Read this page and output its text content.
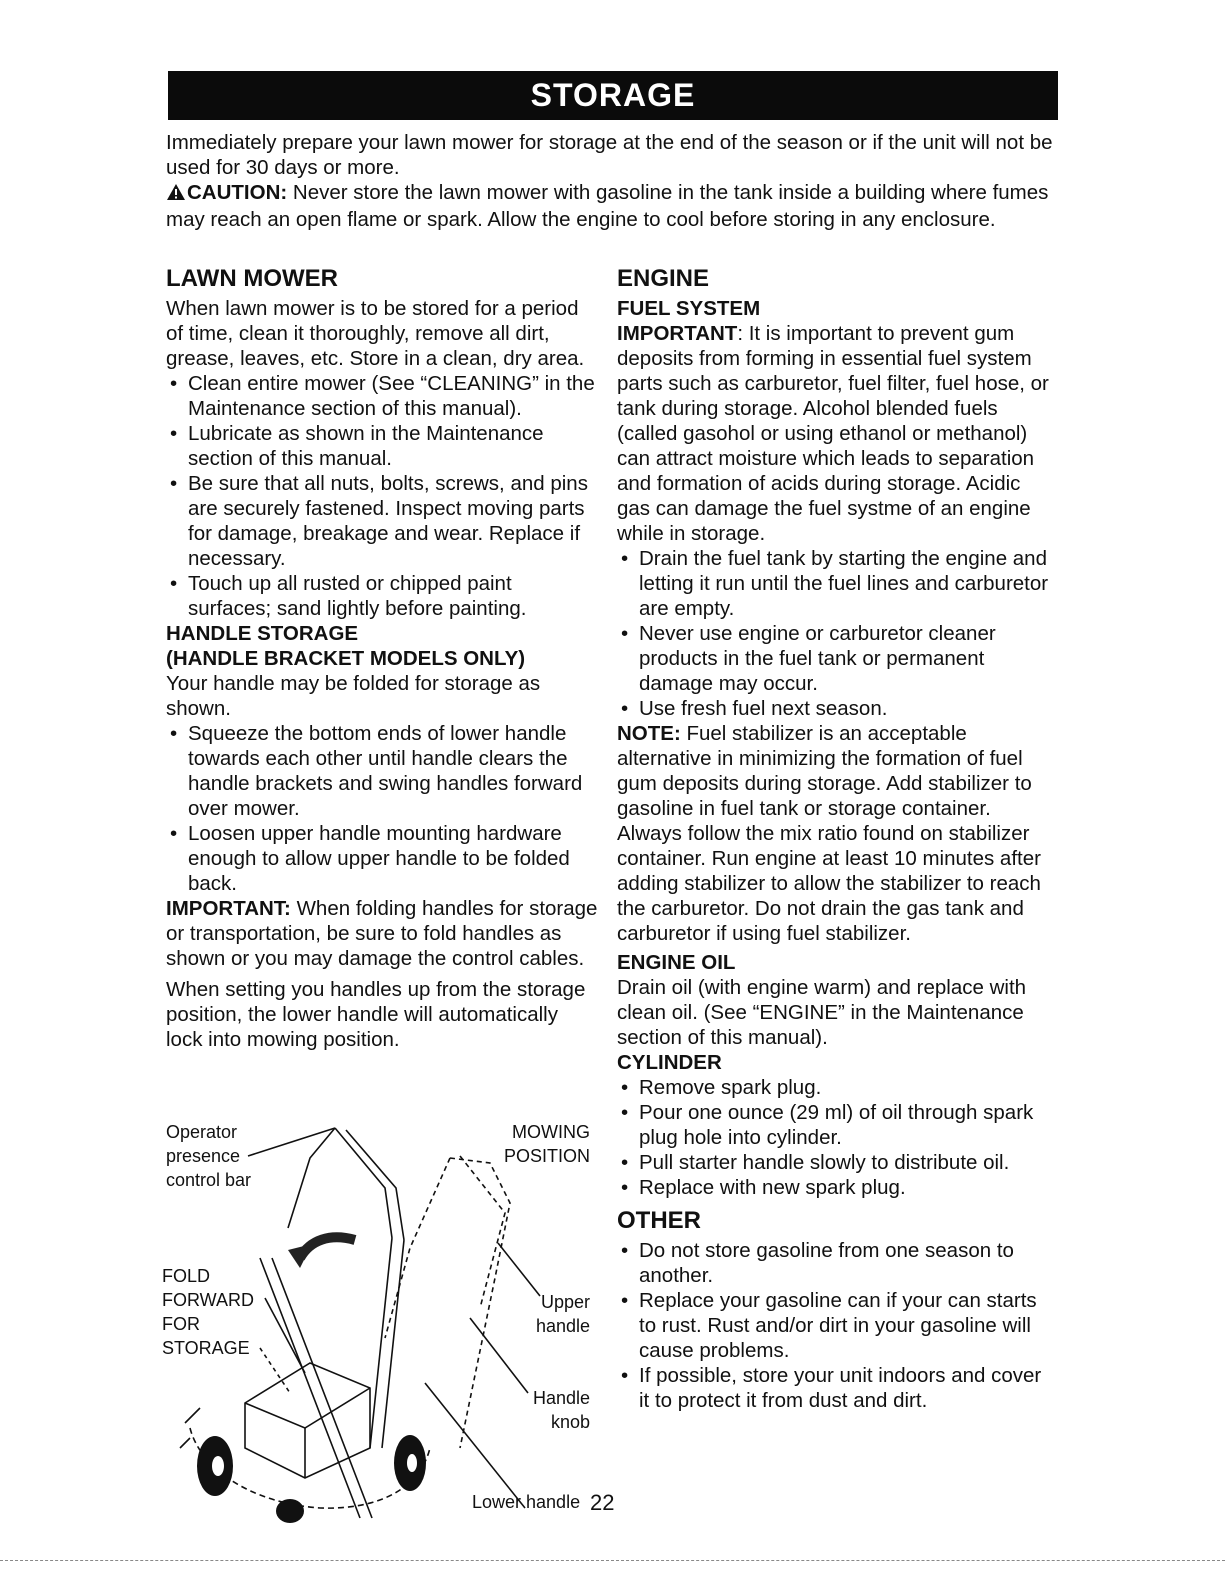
STORAGE

Immediately prepare your lawn mower for storage at the end of the season or if the unit will not be used for 30 days or more.

CAUTION: Never store the lawn mower with gasoline in the tank inside a building where fumes may reach an open flame or spark. Allow the engine to cool before storing in any enclosure.

LAWN MOWER

When lawn mower is to be stored for a period of time, clean it thoroughly, remove all dirt, grease, leaves, etc. Store in a clean, dry area.

• Clean entire mower (See “CLEANING” in the Maintenance section of this manual).
• Lubricate as shown in the Maintenance section of this manual.
• Be sure that all nuts, bolts, screws, and pins are securely fastened. Inspect moving parts for damage, breakage and wear. Replace if necessary.
• Touch up all rusted or chipped paint surfaces; sand lightly before painting.
HANDLE STORAGE
(HANDLE BRACKET MODELS ONLY)

Your handle may be folded for storage as shown.

• Squeeze the bottom ends of lower handle towards each other until handle clears the handle brackets and swing handles forward over mower.
• Loosen upper handle mounting hardware enough to allow upper handle to be folded back.

IMPORTANT: When folding handles for storage or transportation, be sure to fold handles as shown or you may damage the control cables.

When setting you handles up from the storage position, the lower handle will automatically lock into mowing position.

Operator presence control bar
MOWING POSITION
FOLD FORWARD FOR STORAGE
Upper handle
Handle knob
Lower handle 22
ENGINE
FUEL SYSTEM

IMPORTANT: It is important to prevent gum deposits from forming in essential fuel system parts such as carburetor, fuel filter, fuel hose, or tank during storage. Alcohol blended fuels (called gasohol or using ethanol or methanol) can attract moisture which leads to separation and formation of acids during storage. Acidic gas can damage the fuel systme of an engine while in storage.

• Drain the fuel tank by starting the engine and letting it run until the fuel lines and carburetor are empty.
• Never use engine or carburetor cleaner products in the fuel tank or permanent damage may occur.
• Use fresh fuel next season.

NOTE: Fuel stabilizer is an acceptable alternative in minimizing the formation of fuel gum deposits during storage. Add stabilizer to gasoline in fuel tank or storage container. Always follow the mix ratio found on stabilizer container. Run engine at least 10 minutes after adding stabilizer to allow the stabilizer to reach the carburetor. Do not drain the gas tank and carburetor if using fuel stabilizer.

ENGINE OIL

Drain oil (with engine warm) and replace with clean oil. (See “ENGINE” in the Maintenance section of this manual).

CYLINDER
• Remove spark plug.
• Pour one ounce (29 ml) of oil through spark plug hole into cylinder.
• Pull starter handle slowly to distribute oil.
• Replace with new spark plug.
OTHER
• Do not store gasoline from one season to another.
• Replace your gasoline can if your can starts to rust. Rust and/or dirt in your gasoline will cause problems.
• If possible, store your unit indoors and cover it to protect it from dust and dirt.
